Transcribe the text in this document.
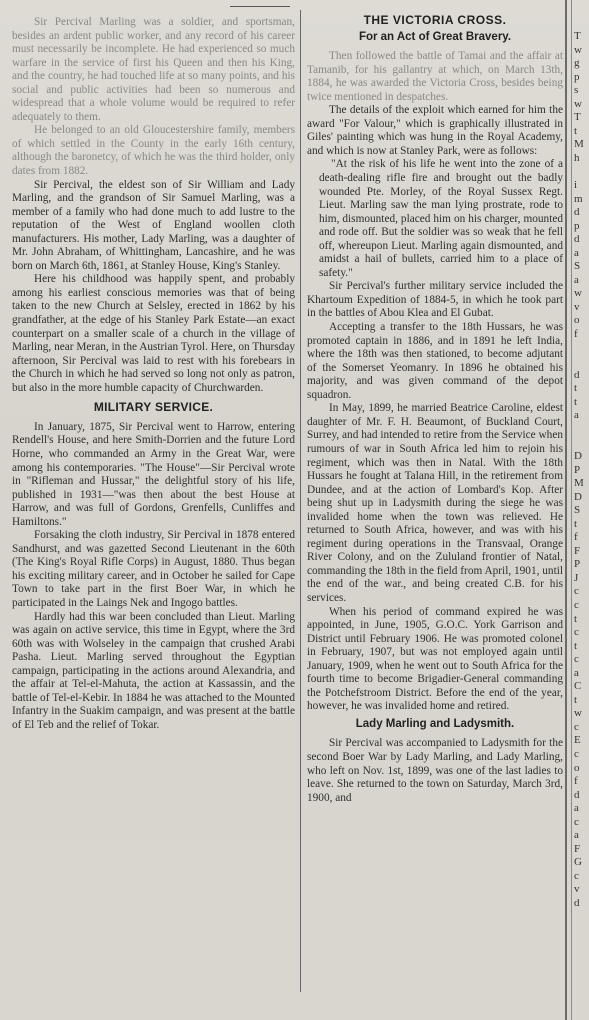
Sir Percival Marling was a soldier, and sportsman, besides an ardent public worker, and any record of his career must necessarily be incomplete. He had experienced so much warfare in the service of first his Queen and then his King, and the country, he had touched life at so many points, and his social and public activities had been so numerous and widespread that a whole volume would be required to refer adequately to them.

He belonged to an old Gloucestershire family, members of which settled in the County in the early 16th century, although the baronetcy, of which he was the third holder, only dates from 1882.

Sir Percival, the eldest son of Sir William and Lady Marling, and the grandson of Sir Samuel Marling, was a member of a family who had done much to add lustre to the reputation of the West of England woollen cloth manufacturers. His mother, Lady Marling, was a daughter of Mr. John Abraham, of Whittingham, Lancashire, and he was born on March 6th, 1861, at Stanley House, King's Stanley.

Here his childhood was happily spent, and probably among his earliest conscious memories was that of being taken to the new Church at Selsley, erected in 1862 by his grandfather, at the edge of his Stanley Park Estate—an exact counterpart on a smaller scale of a church in the village of Marling, near Meran, in the Austrian Tyrol. Here, on Thursday afternoon, Sir Percival was laid to rest with his forebears in the Church in which he had served so long not only as patron, but also in the more humble capacity of Churchwarden.

MILITARY SERVICE.

In January, 1875, Sir Percival went to Harrow, entering Rendell's House, and here Smith-Dorrien and the future Lord Horne, who commanded an Army in the Great War, were among his contemporaries. "The House"—Sir Percival wrote in "Rifleman and Hussar," the delightful story of his life, published in 1931—"was then about the best House at Harrow, and was full of Gordons, Grenfells, Cunliffes and Hamiltons."

Forsaking the cloth industry, Sir Percival in 1878 entered Sandhurst, and was gazetted Second Lieutenant in the 60th (The King's Royal Rifle Corps) in August, 1880. Thus began his exciting military career, and in October he sailed for Cape Town to take part in the first Boer War, in which he participated in the Laings Nek and Ingogo battles.

Hardly had this war been concluded than Lieut. Marling was again on active service, this time in Egypt, where the 3rd 60th was with Wolseley in the campaign that crushed Arabi Pasha. Lieut. Marling served throughout the Egyptian campaign, participating in the actions around Alexandria, and the affair at Tel-el-Mahuta, the action at Kassassin, and the battle of Tel-el-Kebir. In 1884 he was attached to the Mounted Infantry in the Suakim campaign, and was present at the battle of El Teb and the relief of Tokar.

THE VICTORIA CROSS.
For an Act of Great Bravery.

Then followed the battle of Tamai and the affair at Tamanib, for his gallantry at which, on March 13th, 1884, he was awarded the Victoria Cross, besides being twice mentioned in despatches.

The details of the exploit which earned for him the award "For Valour," which is graphically illustrated in Giles' painting which was hung in the Royal Academy, and which is now at Stanley Park, were as follows:

"At the risk of his life he went into the zone of a death-dealing rifle fire and brought out the badly wounded Pte. Morley, of the Royal Sussex Regt. Lieut. Marling saw the man lying prostrate, rode to him, dismounted, placed him on his charger, mounted and rode off. But the soldier was so weak that he fell off, whereupon Lieut. Marling again dismounted, and amidst a hail of bullets, carried him to a place of safety."

Sir Percival's further military service included the Khartoum Expedition of 1884-5, in which he took part in the battles of Abou Klea and El Gubat.

Accepting a transfer to the 18th Hussars, he was promoted captain in 1886, and in 1891 he left India, where the 18th was then stationed, to become adjutant of the Somerset Yeomanry. In 1896 he obtained his majority, and was given command of the depot squadron.

In May, 1899, he married Beatrice Caroline, eldest daughter of Mr. F. H. Beaumont, of Buckland Court, Surrey, and had intended to retire from the Service when rumours of war in South Africa led him to rejoin his regiment, which was then in Natal. With the 18th Hussars he fought at Talana Hill, in the retirement from Dundee, and at the action of Lombard's Kop. After being shut up in Ladysmith during the siege he was invalided home when the town was relieved. He returned to South Africa, however, and was with his regiment during operations in the Transvaal, Orange River Colony, and on the Zululand frontier of Natal, commanding the 18th in the field from April, 1901, until the end of the war., and being created C.B. for his services.

When his period of command expired he was appointed, in June, 1905, G.O.C. York Garrison and District until February 1906. He was promoted colonel in February, 1907, but was not employed again until January, 1909, when he went out to South Africa for the fourth time to become Brigadier-General commanding the Potchefstroom District. Before the end of the year, however, he was invalided home and retired.

Lady Marling and Ladysmith.

Sir Percival was accompanied to Ladysmith for the second Boer War by Lady Marling, and Lady Marling, who left on Nov. 1st, 1899, was one of the last ladies to leave. She returned to the town on Saturday, March 3rd, 1900, and

T
w
g
p
s
w
T
t
M
h
i
m
d
p
d
a
S
a
w
v
o
f
d
t
t
a
D
P
M
D
S
t
f
F
P
J
c
c
t
c
t
c
a
C
t
w
c
E
c
o
f
d
a
c
a
F
G
c
v
d
